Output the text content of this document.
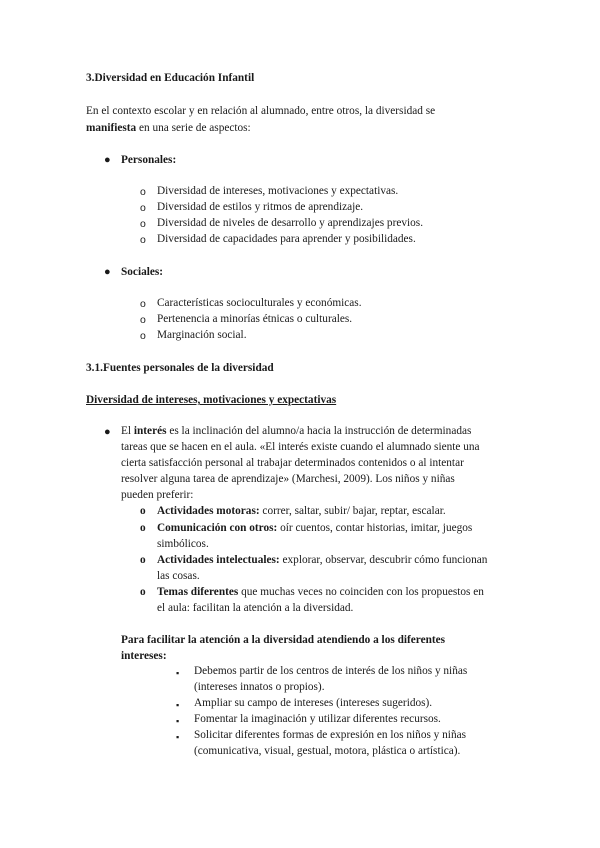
3.Diversidad en Educación Infantil
En el contexto escolar y en relación al alumnado, entre otros, la diversidad se
manifiesta en una serie de aspectos:
● Personales:
o Diversidad de intereses, motivaciones y expectativas.
o Diversidad de estilos y ritmos de aprendizaje.
o Diversidad de niveles de desarrollo y aprendizajes previos.
o Diversidad de capacidades para aprender y posibilidades.
● Sociales:
o Características socioculturales y económicas.
o Pertenencia a minorías étnicas o culturales.
o Marginación social.
3.1.Fuentes personales de la diversidad
Diversidad de intereses, motivaciones y expectativas
● El interés es la inclinación del alumno/a hacia la instrucción de determinadas
tareas que se hacen en el aula. «El interés existe cuando el alumnado siente una
cierta satisfacción personal al trabajar determinados contenidos o al intentar
resolver alguna tarea de aprendizaje» (Marchesi, 2009). Los niños y niñas
pueden preferir:
o Actividades motoras: correr, saltar, subir/ bajar, reptar, escalar.
o Comunicación con otros: oír cuentos, contar historias, imitar, juegos
simbólicos.
o Actividades intelectuales: explorar, observar, descubrir cómo funcionan
las cosas.
o Temas diferentes que muchas veces no coinciden con los propuestos en
el aula: facilitan la atención a la diversidad.
Para facilitar la atención a la diversidad atendiendo a los diferentes
intereses:
▪ Debemos partir de los centros de interés de los niños y niñas
(intereses innatos o propios).
▪ Ampliar su campo de intereses (intereses sugeridos).
▪ Fomentar la imaginación y utilizar diferentes recursos.
▪ Solicitar diferentes formas de expresión en los niños y niñas
(comunicativa, visual, gestual, motora, plástica o artística).
